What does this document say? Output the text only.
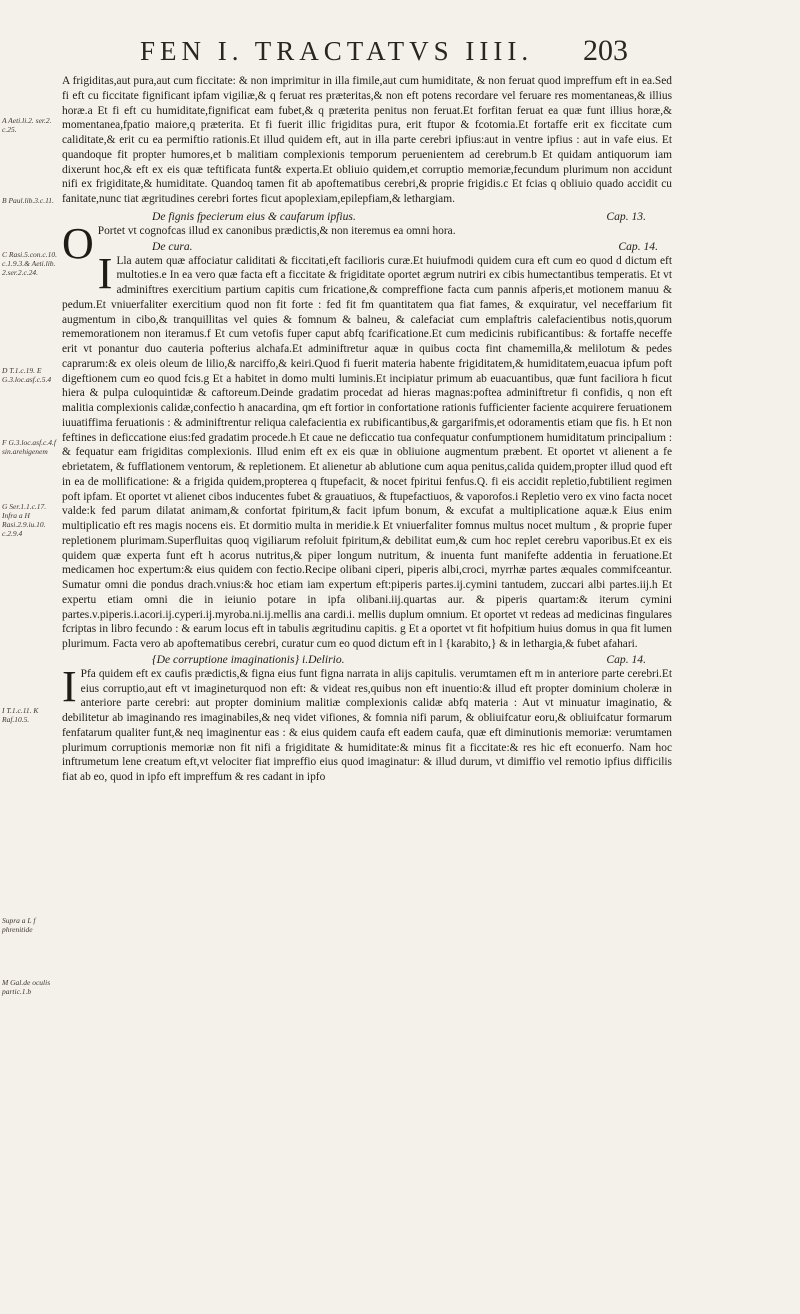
FEN I. TRACTATVS IIII.	203
A Aeti.li.2. ser.2. c.25.
B Paul.lib.3.c.11.
C Rasi.5.con.c.10. c.1.9.3.& Aeti.lib. 2.ser.2.c.24.
D T.1.c.19. E G.3.loc.asf.c.5.4
F G.3.loc.asf.c.4.f sin.arehigenem
G Ser.1.1.c.17. Infra a H Rasi.2.9.iu.10. c.2.9.4
I T.1.c.11. K Raf.10.5.
Supra a L f phrenitide
M Gal.de oculis partic.1.b

A frigiditas,aut pura,aut cum ficcitate: & non imprimitur in illa fimile,aut cum humiditate, & non feruat quod impreffum eft in ea.Sed fi eft cu ficcitate fignificant ipfam vigiliæ,& q feruat res præteritas,& non eft potens recordare vel feruare res momentaneas,& illius horæ.a Et fi eft cu humiditate,fignificat eam fubet,& q præterita penitus non feruat.Et forfitan feruat ea quæ funt illius horæ,& momentanea,fpatio maiore,q præterita. Et fi fuerit illic frigiditas pura, erit ftupor & fcotomia.Et fortaffe erit ex ficcitate cum caliditate,& erit cu ea permiftio rationis.Et illud quidem eft, aut in illa parte cerebri ipfius:aut in ventre ipfius : aut in vafe eius. Et quandoque fit propter humores,et b malitiam complexionis temporum peruenientem ad cerebrum.b Et quidam antiquorum iam dixerunt hoc,& eft ex eis quæ teftificata funt& experta.Et obliuio quidem,et corruptio memoriæ,fecundum plurimum non accidunt nifi ex frigiditate,& humiditate. Quandoq tamen fit ab apoftematibus cerebri,& proprie frigidis.c Et fcias q obliuio quado accidit cu fanitate,nunc tiat ægritudines cerebri fortes ficut apoplexiam,epilepfiam,& lethargiam.

De fignis fpecierum eius & caufarum ipfius.	Cap. 13.

O Portet vt cognofcas illud ex canonibus prædictis,& non iteremus ea omni hora.

De cura.	Cap. 14.

I Lla autem quæ affociatur caliditati & ficcitati,eft facilioris curæ.Et huiufmodi quidem cura eft cum eo quod d dictum eft multoties.e In ea vero quæ facta eft a ficcitate & frigiditate oportet ægrum nutriri ex cibis humectantibus temperatis. Et vt adminiftres exercitium partium capitis cum fricatione,& compreffione facta cum pannis afperis,et motionem manuu & pedum.Et vniuerfaliter exercitium quod non fit forte : fed fit fm quantitatem qua fiat fames, & exquiratur, vel neceffarium fit augmentum in cibo,& tranquillitas vel quies & fomnum & balneu, & calefaciat cum emplaftris calefacientibus notis,quorum rememorationem non iteramus.f Et cum vetofis fuper caput abfq fcarificatione.Et cum medicinis rubificantibus: & fortaffe neceffe erit vt ponantur duo cauteria pofterius alchafa.Et adminiftretur aquæ in quibus cocta fint chamemilla,& melilotum & pedes caprarum:& ex oleis oleum de lilio,& narciffo,& keiri.Quod fi fuerit materia habente frigiditatem,& humiditatem,euacua ipfum poft digeftionem cum eo quod fcis.g Et a habitet in domo multi luminis.Et incipiatur primum ab euacuantibus, quæ funt faciliora h ficut hiera & pulpa culoquintidæ & caftoreum.Deinde gradatim procedat ad hieras magnas:poftea adminiftretur fi confidis, q non eft malitia complexionis calidæ,confectio h anacardina, qm eft fortior in confortatione rationis fufficienter faciente acquirere feruationem iuuatiffima feruationis : & adminiftrentur reliqua calefacientia ex rubificantibus,& gargarifmis,et odoramentis etiam que fis. h Et non feftines in deficcatione eius:fed gradatim procede.h Et caue ne deficcatio tua confequatur confumptionem humiditatum principalium : & fequatur eam frigiditas complexionis. Illud enim eft ex eis quæ in obliuione augmentum præbent. Et oportet vt alienent a fe ebrietatem, & fufflationem ventorum, & repletionem. Et alienetur ab ablutione cum aqua penitus,calida quidem,propter illud quod eft in ea de mollificatione: & a frigida quidem,propterea q ftupefacit, & nocet fpiritui fenfus.Q. fi eis accidit repletio,fubtilient regimen poft ipfam. Et oportet vt alienet cibos inducentes fubet & grauatiuos, & ftupefactiuos, & vaporofos.i Repletio vero ex vino facta nocet valde:k fed parum dilatat animam,& confortat fpiritum,& facit ipfum bonum, & excufat a multiplicatione aquæ.k Eius enim multiplicatio eft res magis nocens eis. Et dormitio multa in meridie.k Et vniuerfaliter fomnus multus nocet multum , & proprie fuper repletionem plurimam.Superfluitas quoq vigiliarum refoluit fpiritum,& debilitat eum,& cum hoc replet cerebru vaporibus.Et ex eis quidem quæ experta funt eft h acorus nutritus,& piper longum nutritum, & inuenta funt manifefte addentia in feruatione.Et medicamen hoc expertum:& eius quidem con fectio.Recipe olibani ciperi, piperis albi,croci, myrrhæ partes æquales commifceantur. Sumatur omni die pondus drach.vnius:& hoc etiam iam expertum eft:piperis partes.ij.cymini tantudem, zuccari albi partes.iij.h Et expertu etiam omni die in ieiunio potare in ipfa olibani.iij.quartas aur. & piperis quartam:& iterum cymini partes.v.piperis.i.acori.ij.cyperi.ij.myroba.ni.ij.mellis ana cardi.i. mellis duplum omnium. Et oportet vt redeas ad medicinas fingulares fcriptas in libro fecundo : & earum locus eft in tabulis ægritudinu capitis. g Et a oportet vt fit hofpitium huius domus in qua fit lumen plurimum. Facta vero ab apoftematibus cerebri, curatur cum eo quod dictum eft in l {karabito,} & in lethargia,& fubet afahari.

{De corruptione imaginationis} i.Delirio.	Cap. 14.

I Pfa quidem eft ex caufis prædictis,& figna eius funt figna narrata in alijs capitulis. verumtamen eft m in anteriore parte cerebri.Et eius corruptio,aut eft vt imagineturquod non eft: & videat res,quibus non eft inuentio:& illud eft propter dominium choleræ in anteriore parte cerebri: aut propter dominium malitiæ complexionis calidæ abfq materia : Aut vt minuatur imaginatio, & debilitetur ab imaginando res imaginabiles,& neq videt vifiones, & fomnia nifi parum, & obliuifcatur eoru,& obliuifcatur formarum fenfatarum qualiter funt,& neq imaginentur eas : & eius quidem caufa eft eadem caufa, quæ eft diminutionis memoriæ: verumtamen plurimum corruptionis memoriæ non fit nifi a frigiditate & humiditate:& minus fit a ficcitate:& res hic eft econuerfo. Nam hoc inftrumetum lene creatum eft,vt velociter fiat impreffio eius quod imaginatur: & illud durum, vt dimiffio vel remotio ipfius difficilis fiat ab eo, quod in ipfo eft impreffum & res cadant in ipfo
